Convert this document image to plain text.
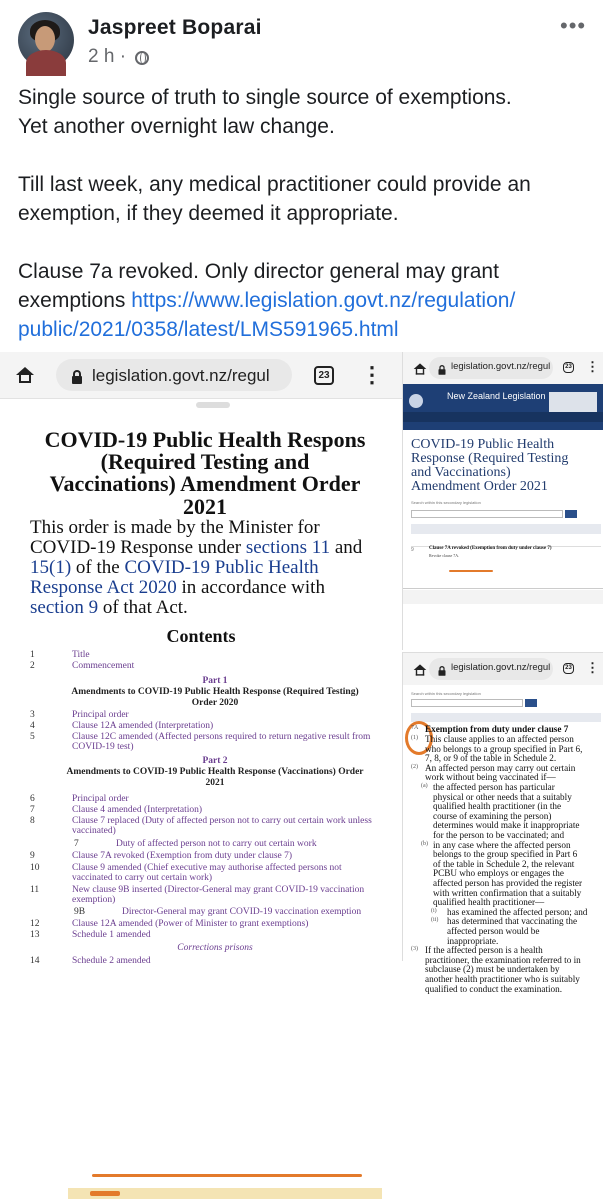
Jaspreet Boparai
2 h ·
•••
Single source of truth to single source of exemptions.
Yet another overnight law change.
Till last week, any medical practitioner could provide an
exemption, if they deemed it appropriate.
Clause 7a revoked. Only director general may grant
exemptions https://www.legislation.govt.nz/regulation/
public/2021/0358/latest/LMS591965.html
legislation.govt.nz/regul	23 ⋮
COVID-19 Public Health Respons
(Required Testing and
Vaccinations) Amendment Order
2021
This order is made by the Minister for
COVID-19 Response under sections 11 and
15(1) of the COVID-19 Public Health
Response Act 2020 in accordance with
section 9 of that Act.
Contents
1	Title
2	Commencement
Part 1
Amendments to COVID-19 Public Health Response (Required Testing)
Order 2020
3	Principal order
4	Clause 12A amended (Interpretation)
5	Clause 12C amended (Affected persons required to return negative result from
COVID-19 test)
Part 2
Amendments to COVID-19 Public Health Response (Vaccinations) Order
2021
6	Principal order
7	Clause 4 amended (Interpretation)
8	Clause 7 replaced (Duty of affected person not to carry out certain work unless
vaccinated)
7	Duty of affected person not to carry out certain work
9	Clause 7A revoked (Exemption from duty under clause 7)
10	Clause 9 amended (Chief executive may authorise affected persons not
vaccinated to carry out certain work)
11	New clause 9B inserted (Director-General may grant COVID-19 vaccination
exemption)
9B	Director-General may grant COVID-19 vaccination exemption
12	Clause 12A amended (Power of Minister to grant exemptions)
13	Schedule 1 amended
Corrections prisons
14	Schedule 2 amended
legislation.govt.nz/regul	23 ⋮
New Zealand Legislation
COVID-19 Public Health
Response (Required Testing
and Vaccinations)
Amendment Order 2021
Search within this secondary legislation
9	Clause 7A revoked (Exemption from duty under clause 7)
Revoke clause 7A.
legislation.govt.nz/regul	23 ⋮
Search within this secondary legislation
7A Exemption from duty under clause 7
(1) This clause applies to an affected person
who belongs to a group specified in Part 6,
7, 8, or 9 of the table in Schedule 2.
(2) An affected person may carry out certain
work without being vaccinated if—
(a) the affected person has particular
physical or other needs that a suitably
qualified health practitioner (in the
course of examining the person)
determines would make it inappropriate
for the person to be vaccinated; and
(b) in any case where the affected person
belongs to the group specified in Part 6
of the table in Schedule 2, the relevant
PCBU who employs or engages the
affected person has provided the register
with written confirmation that a suitably
qualified health practitioner—
(i) has examined the affected person; and
(ii) has determined that vaccinating the
affected person would be
inappropriate.
(3) If the affected person is a health
practitioner, the examination referred to in
subclause (2) must be undertaken by
another health practitioner who is suitably
qualified to conduct the examination.
